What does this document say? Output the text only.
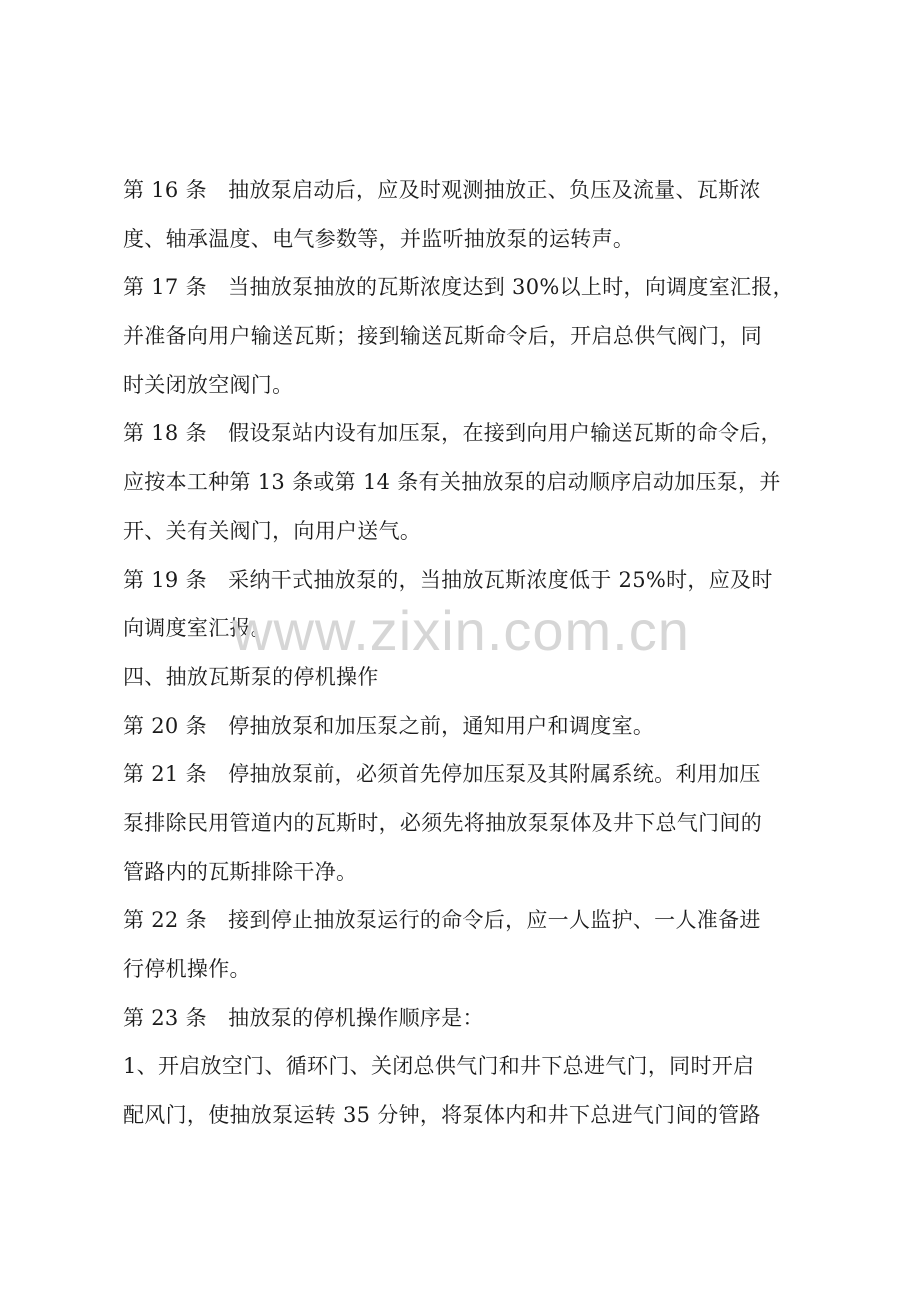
第 16 条　抽放泵启动后，应及时观测抽放正、负压及流量、瓦斯浓
度、轴承温度、电气参数等，并监听抽放泵的运转声。
第 17 条　当抽放泵抽放的瓦斯浓度达到 30%以上时，向调度室汇报，
并准备向用户输送瓦斯；接到输送瓦斯命令后，开启总供气阀门，同
时关闭放空阀门。
第 18 条　假设泵站内设有加压泵，在接到向用户输送瓦斯的命令后，
应按本工种第 13 条或第 14 条有关抽放泵的启动顺序启动加压泵，并
开、关有关阀门，向用户送气。
第 19 条　采纳干式抽放泵的，当抽放瓦斯浓度低于 25%时，应及时
向调度室汇报。
四、抽放瓦斯泵的停机操作
第 20 条　停抽放泵和加压泵之前，通知用户和调度室。
第 21 条　停抽放泵前，必须首先停加压泵及其附属系统。利用加压
泵排除民用管道内的瓦斯时，必须先将抽放泵泵体及井下总气门间的
管路内的瓦斯排除干净。
第 22 条　接到停止抽放泵运行的命令后，应一人监护、一人准备进
行停机操作。
第 23 条　抽放泵的停机操作顺序是：
1、开启放空门、循环门、关闭总供气门和井下总进气门，同时开启
配风门，使抽放泵运转 35 分钟，将泵体内和井下总进气门间的管路
www.zixin.com.cn
